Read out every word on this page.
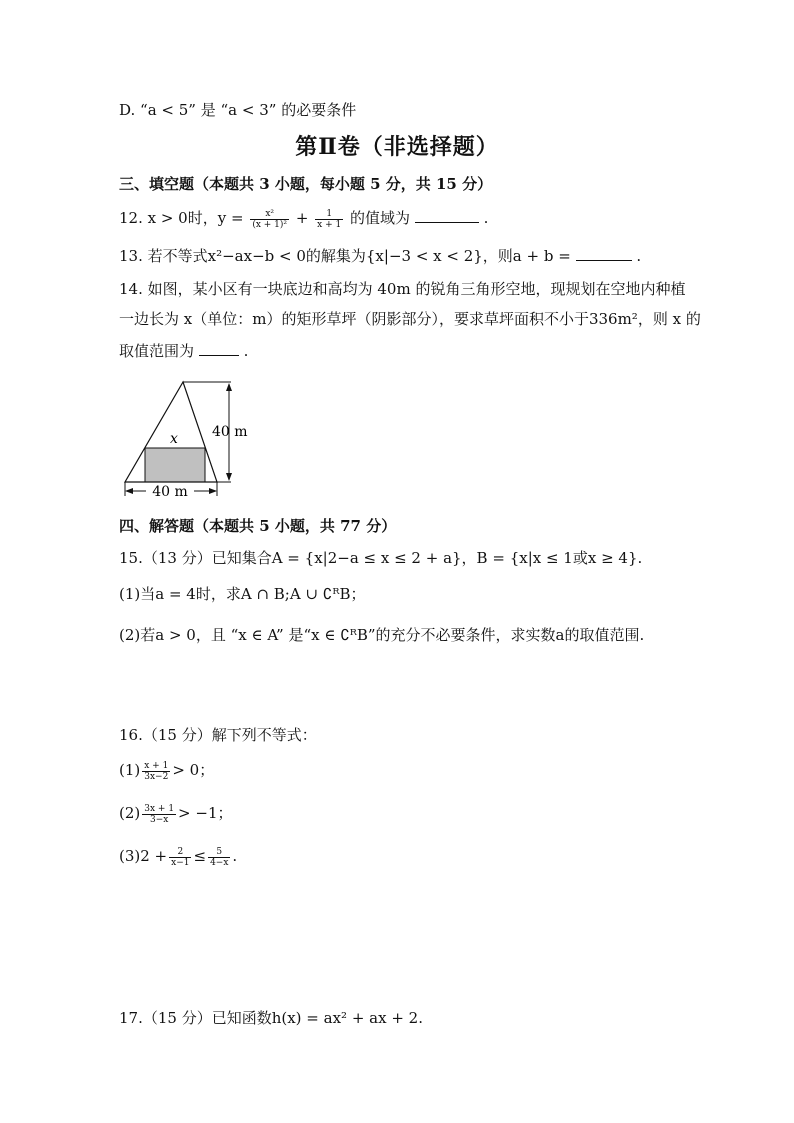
D. “a < 5” 是 “a < 3” 的必要条件
第Ⅱ卷（非选择题）
三、填空题（本题共 3 小题，每小题 5 分，共 15 分）
12. x > 0时，$y = \frac{\text{x²}}{\text{(x + 1)²}} + \frac{1}{x + 1}$ 的值域为	.
13. 若不等式x²−ax−b < 0的解集为{x|−3 < x < 2}，则a + b =	.
14. 如图，某小区有一块底边和高均为 40m 的锐角三角形空地，现规划在空地内种植
一边长为 x（单位：m）的矩形草坪（阴影部分），要求草坪面积不小于336m²，则 x 的
取值范围为	.
40 m
40 m
x
四、解答题（本题共 5 小题，共 77 分）
15.（13 分）已知集合A = {x|2−a ≤ x ≤ 2 + a}，B = {x|x ≤ 1或x ≥ 4}.
(1)当a = 4时，求A ∩ B;A ∪ ∁ᴿB；
(2)若a > 0，且 “x ∈ A” 是“x ∈ ∁ᴿB”的充分不必要条件，求实数a的取值范围.
16.（15 分）解下列不等式：
$(1) \frac{x + 1}{3x-2} > 0$；
$(2) \frac{3x + 1}{3-x} > -1$；
$(3)2 + \frac{2}{x-1} \le \frac{5}{4-x}$ .
17.（15 分）已知函数h(x) = ax² + ax + 2.
